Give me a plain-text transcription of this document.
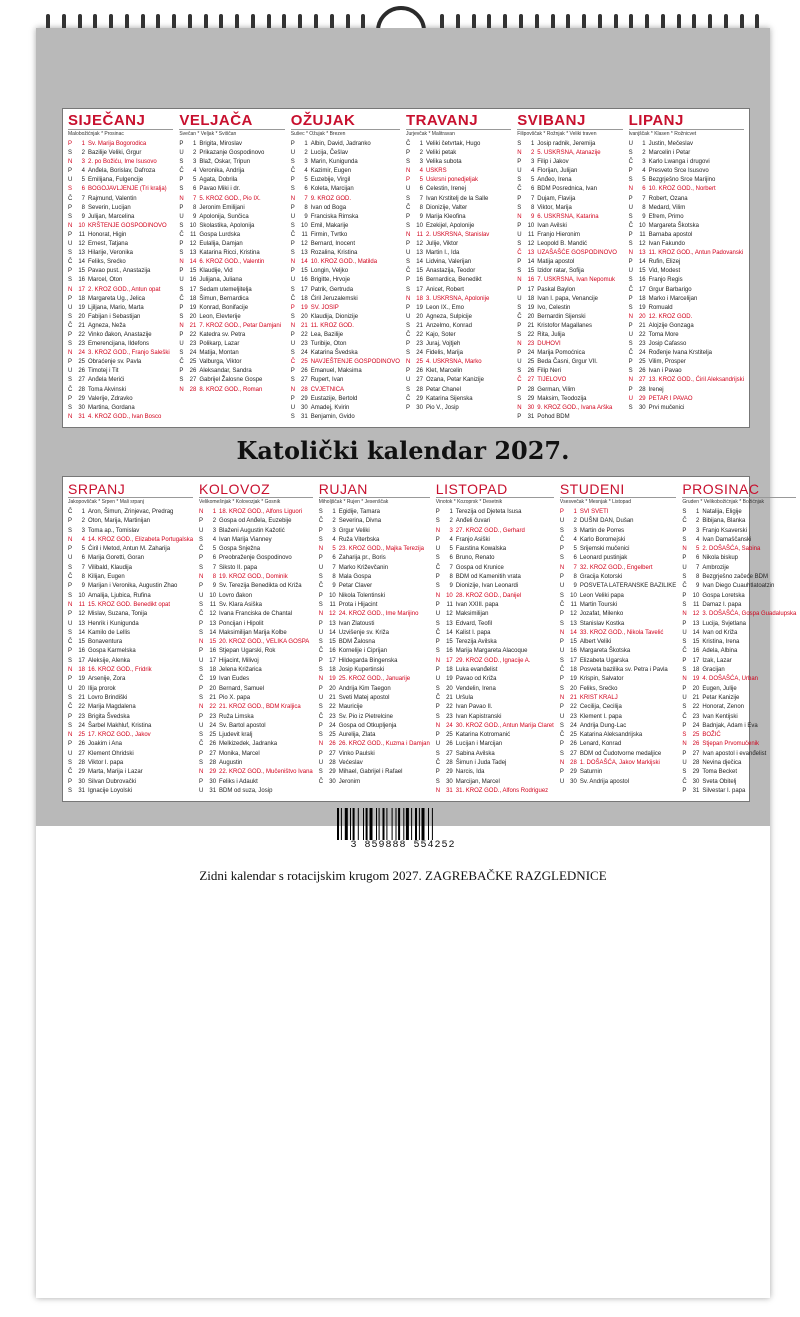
SIJEČANJ
Malobožićnjak * Prosinac
P	1 Sv. Marija Bogorodica
S	2 Bazilije Veliki, Grgur
N	3 2. po Božiću, Ime Isusovo
P	4 Anđela, Borislav, Dafroza
U	5 Emilijana, Fulgencije
S	6 BOGOJAVLJENJE (Tri kralja)
Č	7 Rajmund, Valentin
P	8 Severin, Lucijan
S	9 Julijan, Marcelina
N 10 KRŠTENJE GOSPODINOVO
P	11 Honorat, Higin
U 12 Ernest, Tatjana
S	13 Hilarije, Veronika
Č 14 Feliks, Srećko
P	15 Pavao pust., Anastazija
S	16 Marcel, Oton
N 17 2. KROZ GOD., Antun opat
P	18 Margareta Ug., Jelica
U 19 Ljiljana, Mario, Marta
S	20 Fabijan i Sebastijan
Č 21 Agneza, Neža
P	22 Vinko đakon, Anastazije
S	23 Emerencijana, Ildefons
N 24 3. KROZ GOD., Franjo Saleški
P	25 Obraćenje sv. Pavla
U 26 Timotej i Tit
S	27 Anđela Merići
Č 28 Toma Akvinski
P	29 Valerije, Zdravko
S	30 Martina, Gordana
N 31 4. KROZ GOD., Ivan Bosco
VELJAČA
Svečan * Veljak * Sviščan
P	1 Brigita, Miroslav
U	2 Prikazanje Gospodinovo
S	3 Blaž, Oskar, Tripun
Č	4 Veronika, Andrija
P	5 Agata, Dobrila
S	6 Pavao Miki i dr.
N	7 5. KROZ GOD., Pio IX.
P	8 Jeronim Emilijani
U	9 Apolonija, Sunčica
S	10 Skolastika, Apolonija
Č	11 Gospa Lurdska
P	12 Eulalija, Damjan
S	13 Katarina Ricci, Kristina
N 14 6. KROZ GOD., Valentin
P	15 Klaudije, Vid
U 16 Julijana, Juliana
S	17 Sedam utemeljitelja
Č 18 Šimun, Bernardica
P	19 Konrad, Bonifacije
S	20 Leon, Elevterije
N 21 7. KROZ GOD., Petar Damjani
P	22 Katedra sv. Petra
U 23 Polikarp, Lazar
S	24 Matija, Montan
Č 25 Valburga, Viktor
P	26 Aleksandar, Sandra
S	27 Gabrijel Žalosne Gospe
N 28 8. KROZ GOD., Roman
OŽUJAK
Sušec * Ožujak * Brezen
P	1 Albin, David, Jadranko
U	2 Lucija, Češlav
S	3 Marin, Kunigunda
Č	4 Kazimir, Eugen
P	5 Euzebije, Virgil
S	6 Koleta, Marcijan
N	7 9. KROZ GOD.
P	8 Ivan od Boga
U	9 Franciska Rimska
S	10 Emil, Makarije
Č	11 Firmin, Tvrtko
P	12 Bernard, Inocent
S	13 Rozalina, Kristina
N 14 10. KROZ GOD., Matilda
P	15 Longin, Veljko
U 16 Brigitte, Hrvoje
S	17 Patrik, Gertruda
Č 18 Ćiril Jeruzalemski
P	19 SV. JOSIP
S	20 Klaudija, Dionizije
N 21 11. KROZ GOD.
P	22 Lea, Bazilije
U 23 Turibije, Oton
S	24 Katarina Švedska
Č 25 NAVJEŠTENJE GOSPODINOVO
P	26 Emanuel, Maksima
S	27 Rupert, Ivan
N 28 CVJETNICA
P	29 Eustazije, Bertold
U 30 Amadej, Kvirin
S	31 Benjamin, Gvido
TRAVANJ
Jurjevčak * Malitravan
Č	1 Veliki četvrtak, Hugo
P	2 Veliki petak
S	3 Velika subota
N	4 USKRS
P	5 Uskrsni ponedjeljak
U	6 Celestin, Irenej
S	7 Ivan Krstitelj de la Salle
Č	8 Dionizije, Valter
P	9 Marija Kleofina
S	10 Ezekijel, Apolonije
N	11 2. USKRSNA, Stanislav
P	12 Julije, Viktor
U 13 Martin I., Ida
S	14 Lidvina, Valerijan
Č 15 Anastazija, Teodor
P	16 Bernardica, Benedikt
S	17 Anicet, Robert
N 18 3. USKRSNA, Apolonije
P	19 Leon IX., Emo
U 20 Agneza, Sulpicije
S	21 Anzelmo, Konrad
Č 22 Kajo, Soter
P	23 Juraj, Vojtjeh
S	24 Fidelis, Marija
N 25 4. USKRSNA, Marko
P	26 Klet, Marcelin
U 27 Ozana, Petar Kanizije
S	28 Petar Chanel
Č 29 Katarina Sijenska
P	30 Pio V., Josip
SVIBANJ
Filipovščak * Rožnjak * Veliki traven
S	1 Josip radnik, Jeremija
N	2 5. USKRSNA, Atanazije
P	3 Filip i Jakov
U	4 Florijan, Julijan
S	5 Anđeo, Irena
Č	6 BDM Posrednica, Ivan
P	7 Dujam, Flavija
S	8 Viktor, Marija
N	9 6. USKRSNA, Katarina
P	10 Ivan Avilski
U	11 Franjo Hieronim
S	12 Leopold B. Mandić
Č 13 UZAŠAŠĆE GOSPODINOVO
P	14 Matija apostol
S	15 Izidor ratar, Sofija
N 16 7. USKRSNA, Ivan Nepomuk
P	17 Paskal Baylon
U 18 Ivan I. papa, Venancije
S	19 Ivo, Celestin
Č 20 Bernardin Sijenski
P	21 Kristofor Magallanes
S	22 Rita, Julija
N 23 DUHOVI
P	24 Marija Pomoćnica
U 25 Beda Časni, Grgur VII.
S	26 Filip Neri
Č 27 TIJELOVO
P	28 German, Vilim
S	29 Maksim, Teodozija
N 30 9. KROZ GOD., Ivana Arška
P	31 Pohod BDM
LIPANJ
Ivanjščak * Klasen * Rožnicvet
U	1 Justin, Mečeslav
S	2 Marcelin i Petar
Č	3 Karlo Lwanga i drugovi
P	4 Presveto Srce Isusovo
S	5 Bezgrješno Srce Marijino
N	6 10. KROZ GOD., Norbert
P	7 Robert, Ozana
U	8 Medard, Vilim
S	9 Efrem, Primo
Č 10 Margareta Škotska
P	11 Barnaba apostol
S	12 Ivan Fakundo
N 13 11. KROZ GOD., Antun Padovanski
P	14 Rufin, Elizej
U 15 Vid, Modest
S	16 Franjo Regis
Č 17 Grgur Barbarigo
P	18 Marko i Marcelijan
S	19 Romuald
N 20 12. KROZ GOD.
P	21 Alojzije Gonzaga
U 22 Toma More
S	23 Josip Cafasso
Č 24 Rođenje Ivana Krstitelja
P	25 Vilim, Prosper
S	26 Ivan i Pavao
N 27 13. KROZ GOD., Ćiril Aleksandrijski
P	28 Irenej
U 29 PETAR I PAVAO
S	30 Prvi mučenici
Katolički kalendar 2027.
SRPANJ
Jakopovščak * Srpen * Mali srpanj
Č	1 Aron, Šimun, Zrinjevac, Predrag
P	2 Oton, Marija, Martinijan
S	3 Toma ap., Tomislav
N	4 14. KROZ GOD., Elizabeta Portugalska
P	5 Ćiril i Metod, Antun M. Zaharija
U	6 Marija Goretti, Goran
S	7 Vilibald, Klaudija
Č	8 Kilijan, Eugen
P	9 Marijan i Veronika, Augustin Zhao
S	10 Amalija, Ljubica, Rufina
N	11 15. KROZ GOD. Benedikt opat
P	12 Mislav, Suzana, Tonija
U 13 Henrik i Kunigunda
S	14 Kamilo de Lellis
Č 15 Bonaventura
P	16 Gospa Karmelska
S	17 Aleksije, Alenka
N 18 16. KROZ GOD., Fridrik
P	19 Arsenije, Zora
U 20 Ilija prorok
S	21 Lovro Brindiški
Č 22 Marija Magdalena
P	23 Brigita Švedska
S	24 Šarbel Makhluf, Kristina
N 25 17. KROZ GOD., Jakov
P	26 Joakim i Ana
U 27 Klement Ohridski
S	28 Viktor I. papa
Č 29 Marta, Marija i Lazar
P	30 Silvan Dubrovački
S	31 Ignacije Loyolski
KOLOVOZ
Velikomešnjak * Kolovozjak * Gosnik
N	1 18. KROZ GOD., Alfons Liguori
P	2 Gospa od Anđela, Euzebije
U	3 Blaženi Augustin Kažotić
S	4 Ivan Marija Vianney
Č	5 Gospa Snježna
P	6 Preobraženje Gospodinovo
S	7 Siksto II. papa
N	8 19. KROZ GOD., Dominik
P	9 Sv. Terezija Benedikta od Križa
U 10 Lovro đakon
S	11 Sv. Klara Asiška
Č 12 Ivana Franciska de Chantal
P	13 Poncijan i Hipolit
S	14 Maksimilijan Marija Kolbe
N 15 20. KROZ GOD., VELIKA GOSPA
P	16 Stjepan Ugarski, Rok
U 17 Hijacint, Milivoj
S	18 Jelena Križarica
Č 19 Ivan Eudes
P	20 Bernard, Samuel
S	21 Pio X. papa
N 22 21. KROZ GOD., BDM Kraljica
P	23 Ruža Limska
U 24 Sv. Bartol apostol
S	25 Ljudevit kralj
Č 26 Melkizedek, Jadranka
P	27 Monika, Marcel
S	28 Augustin
N 29 22. KROZ GOD., Mučeništvo Ivana
P	30 Feliks i Adaukt
U 31 BDM od suza, Josip
RUJAN
Miholjščak * Rujen * Jesenščak
S	1 Egidije, Tamara
Č	2 Severina, Divna
P	3 Grgur Veliki
S	4 Ruža Viterbska
N	5 23. KROZ GOD., Majka Terezija
P	6 Zaharija pr., Boris
U	7 Marko Križevčanin
S	8 Mala Gospa
Č	9 Petar Claver
P	10 Nikola Tolentinski
S	11 Prota i Hijacint
N 12 24. KROZ GOD., Ime Marijino
P	13 Ivan Zlatousti
U 14 Uzvišenje sv. Križa
S	15 BDM Žalosna
Č 16 Kornelije i Ciprijan
P	17 Hildegarda Bingenska
S	18 Josip Kupertinski
N 19 25. KROZ GOD., Januarije
P	20 Andrija Kim Taegon
U 21 Sveti Matej apostol
S	22 Mauricije
Č 23 Sv. Pio iz Pietrelcine
P	24 Gospa od Otkupljenja
S	25 Aurelija, Zlata
N 26 26. KROZ GOD., Kuzma i Damjan
P	27 Vinko Paulski
U 28 Većeslav
S	29 Mihael, Gabrijel i Rafael
Č 30 Jeronim
LISTOPAD
Vinotok * Kozoprsk * Desetnik
P	1 Terezija od Djeteta Isusa
S	2 Anđeli čuvari
N	3 27. KROZ GOD., Gerhard
P	4 Franjo Asiški
U	5 Faustina Kowalska
S	6 Bruno, Renato
Č	7 Gospa od Krunice
P	8 BDM od Kamenitih vrata
S	9 Dionizije, Ivan Leonardi
N 10 28. KROZ GOD., Danijel
P	11 Ivan XXIII. papa
U 12 Maksimilijan
S	13 Edvard, Teofil
Č 14 Kalist I. papa
P	15 Terezija Avilska
S	16 Marija Margareta Alacoque
N 17 29. KROZ GOD., Ignacije A.
P	18 Luka evanđelist
U 19 Pavao od Križa
S	20 Vendelin, Irena
Č 21 Uršula
P	22 Ivan Pavao II.
S	23 Ivan Kapistranski
N 24 30. KROZ GOD., Antun Marija Claret
P	25 Katarina Kotromanić
U 26 Lucijan i Marcijan
S	27 Sabina Avilska
Č 28 Šimun i Juda Tadej
P	29 Narcis, Ida
S	30 Marcijan, Marcel
N 31 31. KROZ GOD., Alfons Rodriguez
STUDENI
Vsesvečak * Mesnjak * Listopad
P	1 SVI SVETI
U	2 DUŠNI DAN, Dušan
S	3 Martin de Porres
Č	4 Karlo Boromejski
P	5 Srijemski mučenici
S	6 Leonard pustinjak
N	7 32. KROZ GOD., Engelbert
P	8 Gracija Kotorski
U	9 POSVETA LATERANSKE BAZILIKE
S	10 Leon Veliki papa
Č	11 Martin Tourski
P	12 Jozafat, Milenko
S	13 Stanislav Kostka
N 14 33. KROZ GOD., Nikola Tavelić
P	15 Albert Veliki
U 16 Margareta Škotska
S	17 Elizabeta Ugarska
Č 18 Posveta bazilika sv. Petra i Pavla
P	19 Krispin, Salvator
S	20 Feliks, Srećko
N 21 KRIST KRALJ
P	22 Cecilija, Cecilija
U 23 Klement I. papa
S	24 Andrija Dung-Lac
Č 25 Katarina Aleksandrijska
P	26 Lenard, Konrad
S	27 BDM od Čudotvorne medaljice
N 28 1. DOŠAŠĆA, Jakov Markijski
P	29 Saturnin
U 30 Sv. Andrija apostol
PROSINAC
Gruden * Velikobožićnjak * Božićnjak
S	1 Natalija, Eligije
Č	2 Bibijana, Blanka
P	3 Franjo Ksaverski
S	4 Ivan Damaščanski
N	5 2. DOŠAŠĆA, Sabina
P	6 Nikola biskup
U	7 Ambrozije
S	8 Bezgrješno začeće BDM
Č	9 Ivan Diego Cuauhtlatoatzin
P	10 Gospa Loretska
S	11 Damaz I. papa
N 12 3. DOŠAŠĆA, Gospa Guadalupska
P	13 Lucija, Svjetlana
U 14 Ivan od Križa
S	15 Kristina, Irena
Č 16 Adela, Albina
P	17 Izak, Lazar
S	18 Gracijan
N 19 4. DOŠAŠĆA, Urban
P	20 Eugen, Julije
U 21 Petar Kanizije
S	22 Honorat, Zenon
Č 23 Ivan Kentijski
P	24 Badnjak, Adam i Eva
S	25 BOŽIĆ
N 26 Stjepan Prvomučenik
P	27 Ivan apostol i evanđelist
U 28 Nevina dječica
S	29 Toma Becket
Č 30 Sveta Obitelj
P	31 Silvestar I. papa
3 859888 554252
Zidni kalendar s rotacijskim krugom 2027. ZAGREBAČKE RAZGLEDNICE
